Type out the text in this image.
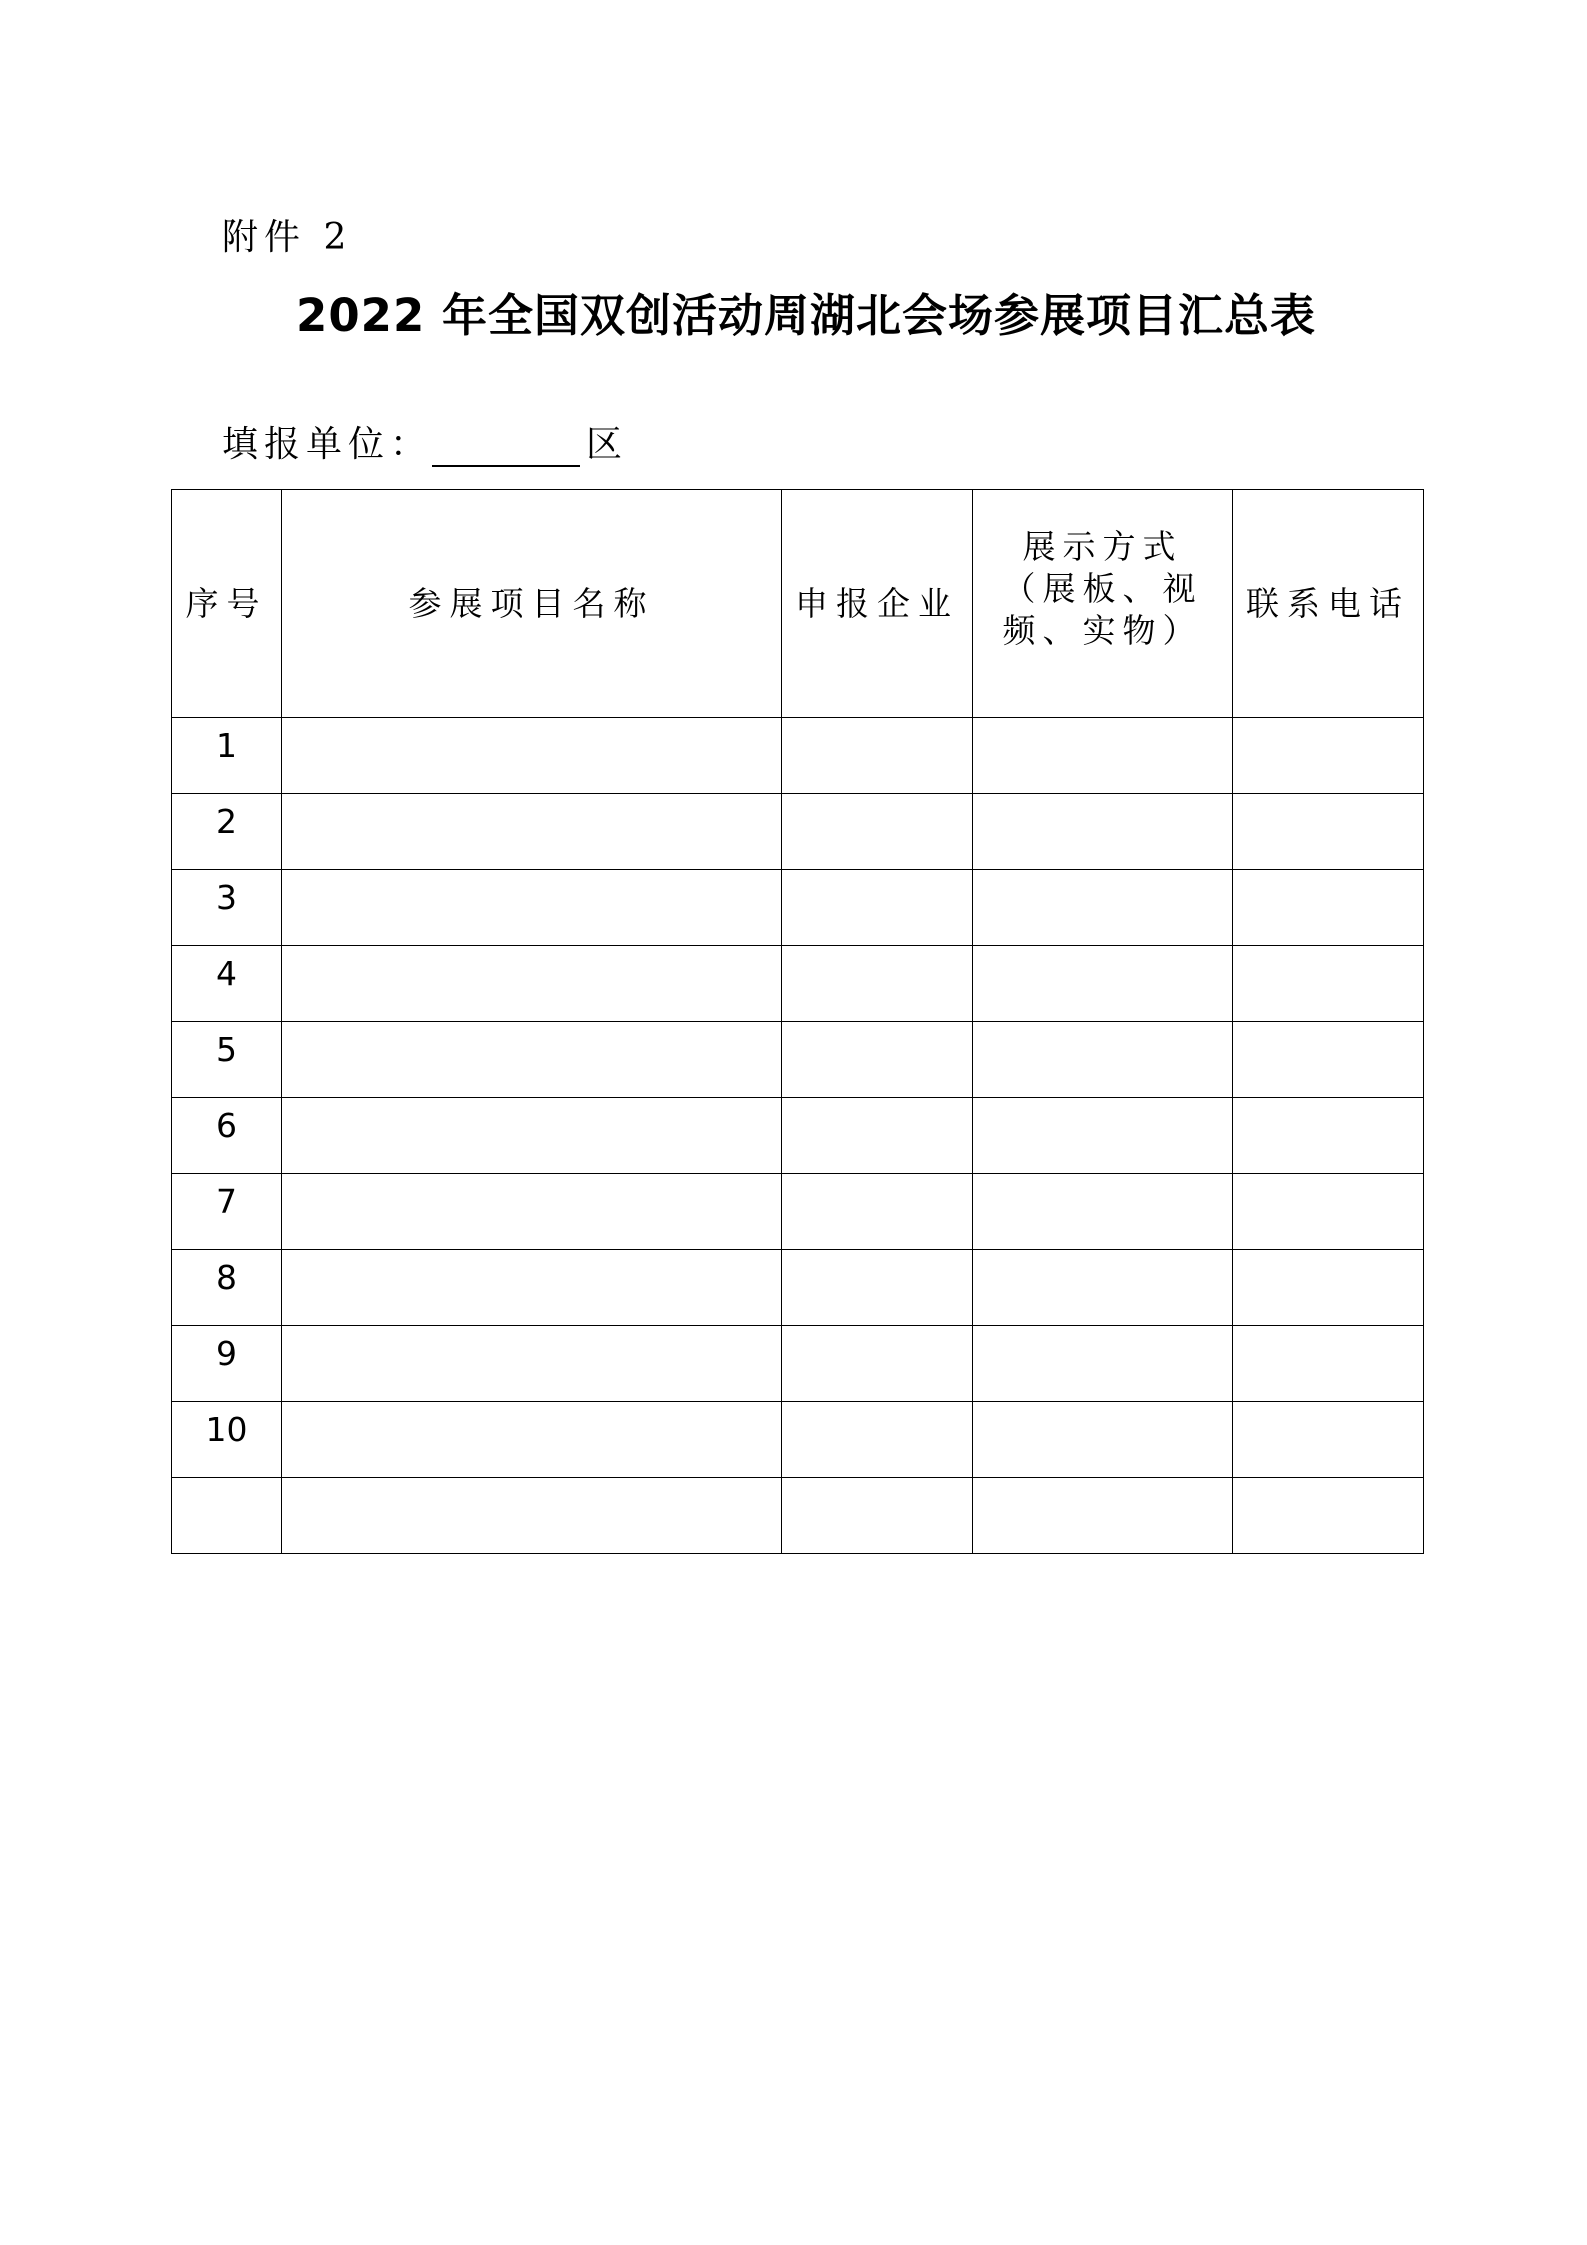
附件 2
2022 年全国双创活动周湖北会场参展项目汇总表
填报单位：	区
序号	参展项目名称	申报企业	展示方式（展板、视频、实物）	联系电话
1				
2				
3				
4				
5				
6				
7				
8				
9				
10				
